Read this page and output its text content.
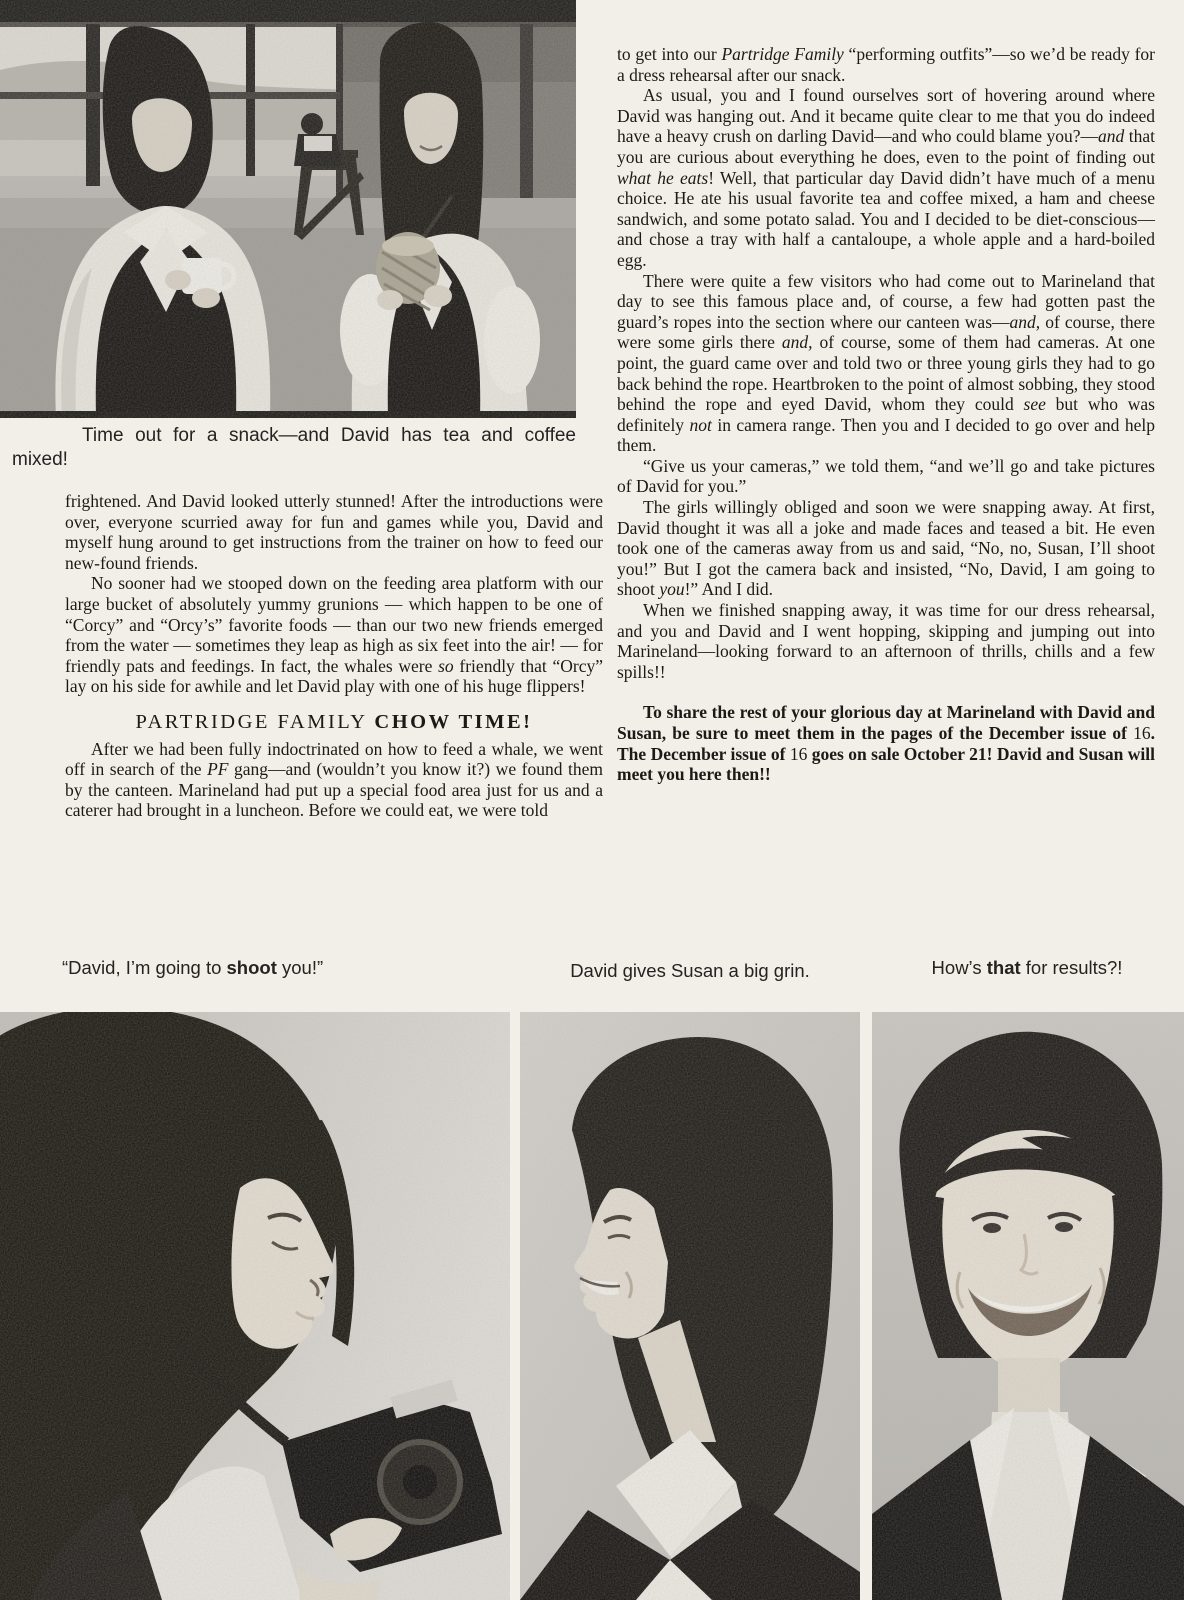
Time out for a snack—and David has tea and coffee mixed!

frightened. And David looked utterly stunned! After the introductions were over, everyone scurried away for fun and games while you, David and myself hung around to get instructions from the trainer on how to feed our new-found friends.

No sooner had we stooped down on the feeding area platform with our large bucket of absolutely yummy grunions — which happen to be one of “Corcy” and “Orcy’s” favorite foods — than our two new friends emerged from the water — sometimes they leap as high as six feet into the air! — for friendly pats and feedings. In fact, the whales were so friendly that “Orcy” lay on his side for awhile and let David play with one of his huge flippers!

PARTRIDGE FAMILY CHOW TIME!

After we had been fully indoctrinated on how to feed a whale, we went off in search of the PF gang—and (wouldn’t you know it?) we found them by the canteen. Marineland had put up a special food area just for us and a caterer had brought in a luncheon. Before we could eat, we were told

to get into our Partridge Family “performing outfits”—so we’d be ready for a dress rehearsal after our snack.

As usual, you and I found ourselves sort of hovering around where David was hanging out. And it became quite clear to me that you do indeed have a heavy crush on darling David—and who could blame you?—and that you are curious about everything he does, even to the point of finding out what he eats! Well, that particular day David didn’t have much of a menu choice. He ate his usual favorite tea and coffee mixed, a ham and cheese sandwich, and some potato salad. You and I decided to be diet-conscious—and chose a tray with half a cantaloupe, a whole apple and a hard-boiled egg.

There were quite a few visitors who had come out to Marineland that day to see this famous place and, of course, a few had gotten past the guard’s ropes into the section where our canteen was—and, of course, there were some girls there and, of course, some of them had cameras. At one point, the guard came over and told two or three young girls they had to go back behind the rope. Heartbroken to the point of almost sobbing, they stood behind the rope and eyed David, whom they could see but who was definitely not in camera range. Then you and I decided to go over and help them.

“Give us your cameras,” we told them, “and we’ll go and take pictures of David for you.”

The girls willingly obliged and soon we were snapping away. At first, David thought it was all a joke and made faces and teased a bit. He even took one of the cameras away from us and said, “No, no, Susan, I’ll shoot you!” But I got the camera back and insisted, “No, David, I am going to shoot you!” And I did.

When we finished snapping away, it was time for our dress rehearsal, and you and David and I went hopping, skipping and jumping out into Marineland—looking forward to an afternoon of thrills, chills and a few spills!!

To share the rest of your glorious day at Marineland with David and Susan, be sure to meet them in the pages of the December issue of 16. The December issue of 16 goes on sale October 21! David and Susan will meet you here then!!

“David, I’m going to shoot you!”	David gives Susan a big grin.	How’s that for results?!
